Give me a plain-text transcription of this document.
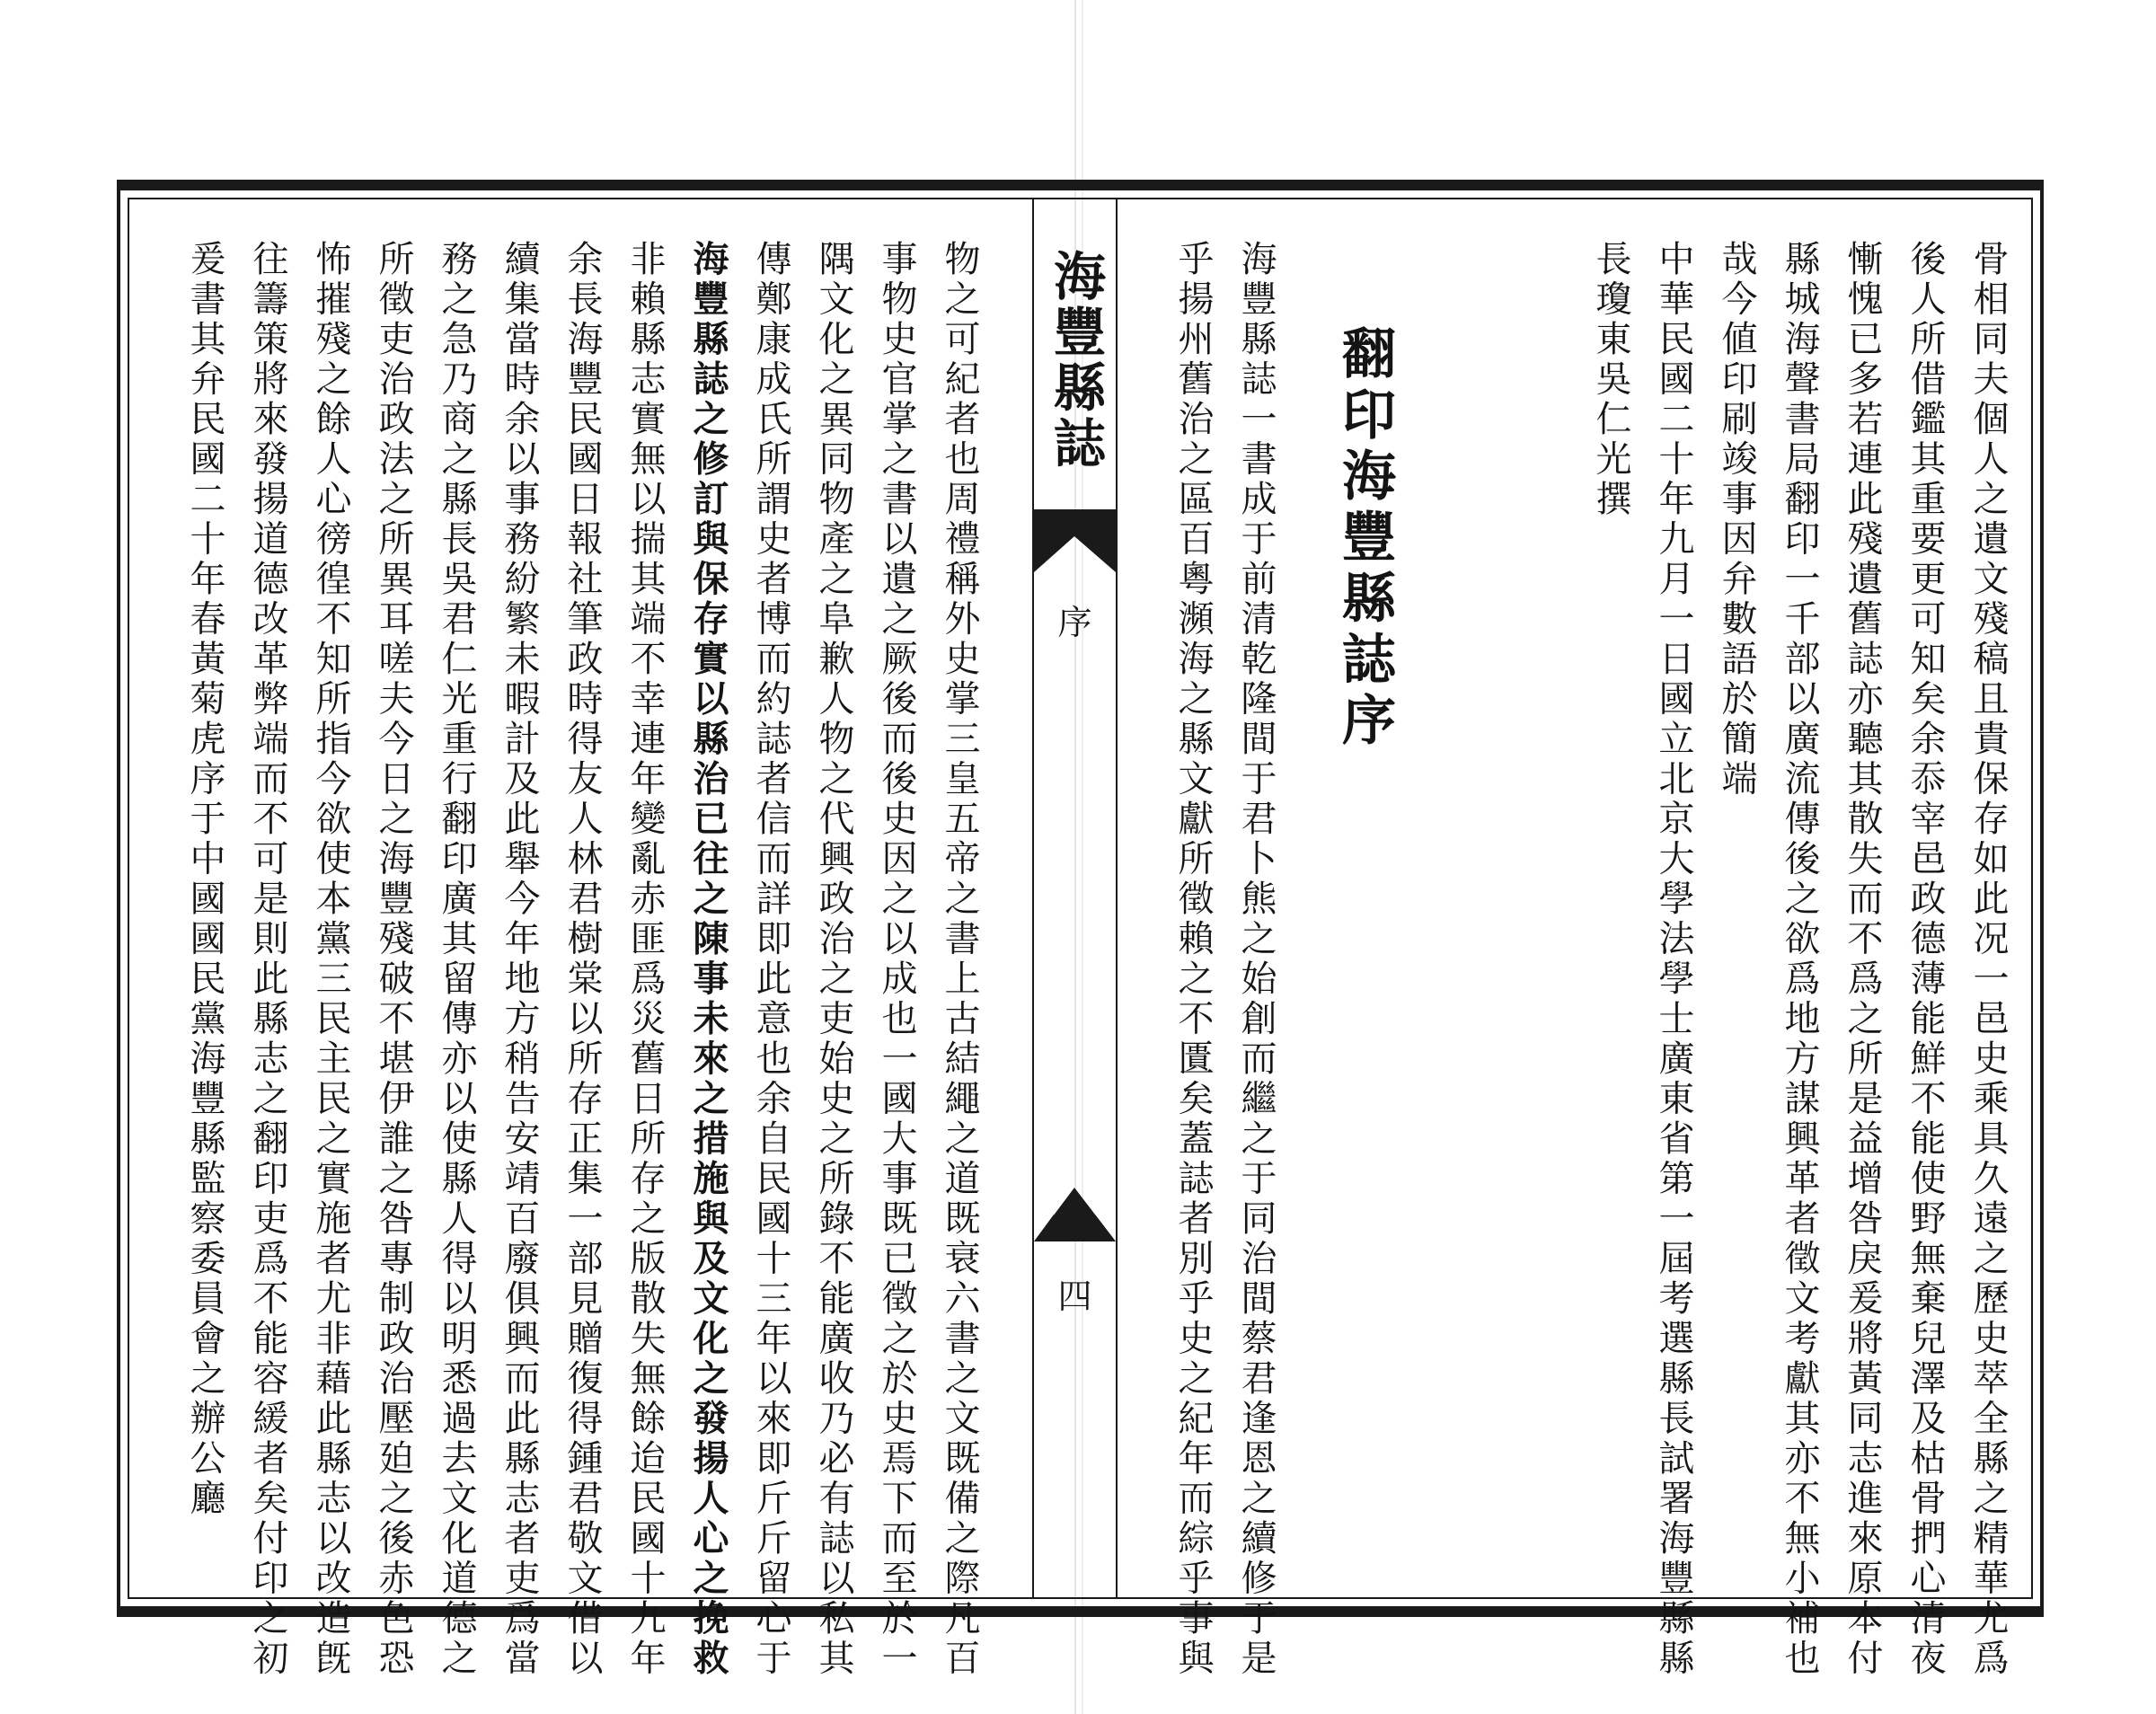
物之可紀者也周禮稱外史掌三皇五帝之書上古結繩之道既衰六書之文既備之際凡百
事物史官掌之書以遺之厥後而後史因之以成也一國大事既已徵之於史焉下而至於一
隅文化之異同物產之阜歉人物之代興政治之吏始史之所錄不能廣收乃必有誌以私其
傳鄭康成氏所謂史者博而約誌者信而詳即此意也余自民國十三年以來即斤斤留心于
海豐縣誌之修訂與保存實以縣治已往之陳事未來之措施與及文化之發揚人心之挽救
非賴縣志實無以揣其端不幸連年變亂赤匪爲災舊日所存之版散失無餘迨民國十九年
余長海豐民國日報社筆政時得友人林君樹棠以所存正集一部見贈復得鍾君敬文借以
續集當時余以事務紛繁未暇計及此舉今年地方稍告安靖百廢俱興而此縣志者吏爲當
務之急乃商之縣長吳君仁光重行翻印廣其留傳亦以使縣人得以明悉過去文化道德之
所徵吏治政法之所異耳嗟夫今日之海豐殘破不堪伊誰之咎專制政治壓廹之後赤色恐
怖摧殘之餘人心徬徨不知所指今欲使本黨三民主民之實施者尤非藉此縣志以改造旣
往籌策將來發揚道德改革弊端而不可是則此縣志之翻印吏爲不能容緩者矣付印之初
爰書其弁民國二十年春黃菊虎序于中國國民黨海豐縣監察委員會之辦公廳	海豐縣誌
序
四	骨相同夫個人之遺文殘稿且貴保存如此况一邑史乘具久遠之歷史萃全縣之精華尤爲
後人所借鑑其重要更可知矣余忝宰邑政德薄能鮮不能使野無棄兒澤及枯骨捫心清夜
慚愧已多若連此殘遺舊誌亦聽其散失而不爲之所是益增咎戾爰將黃同志進來原本付
縣城海聲書局翻印一千部以廣流傳後之欲爲地方謀興革者徵文考獻其亦不無小補也
哉今値印刷竣事因弁數語於簡端
中華民國二十年九月一日國立北京大學法學士廣東省第一屆考選縣長試署海豐縣縣
長瓊東吳仁光撰
翻印海豐縣誌序
海豐縣誌一書成于前清乾隆間于君卜熊之始創而繼之于同治間蔡君逢恩之續修于是
乎揚州舊治之區百粵瀕海之縣文獻所徵賴之不匱矣蓋誌者別乎史之紀年而綜乎事與
